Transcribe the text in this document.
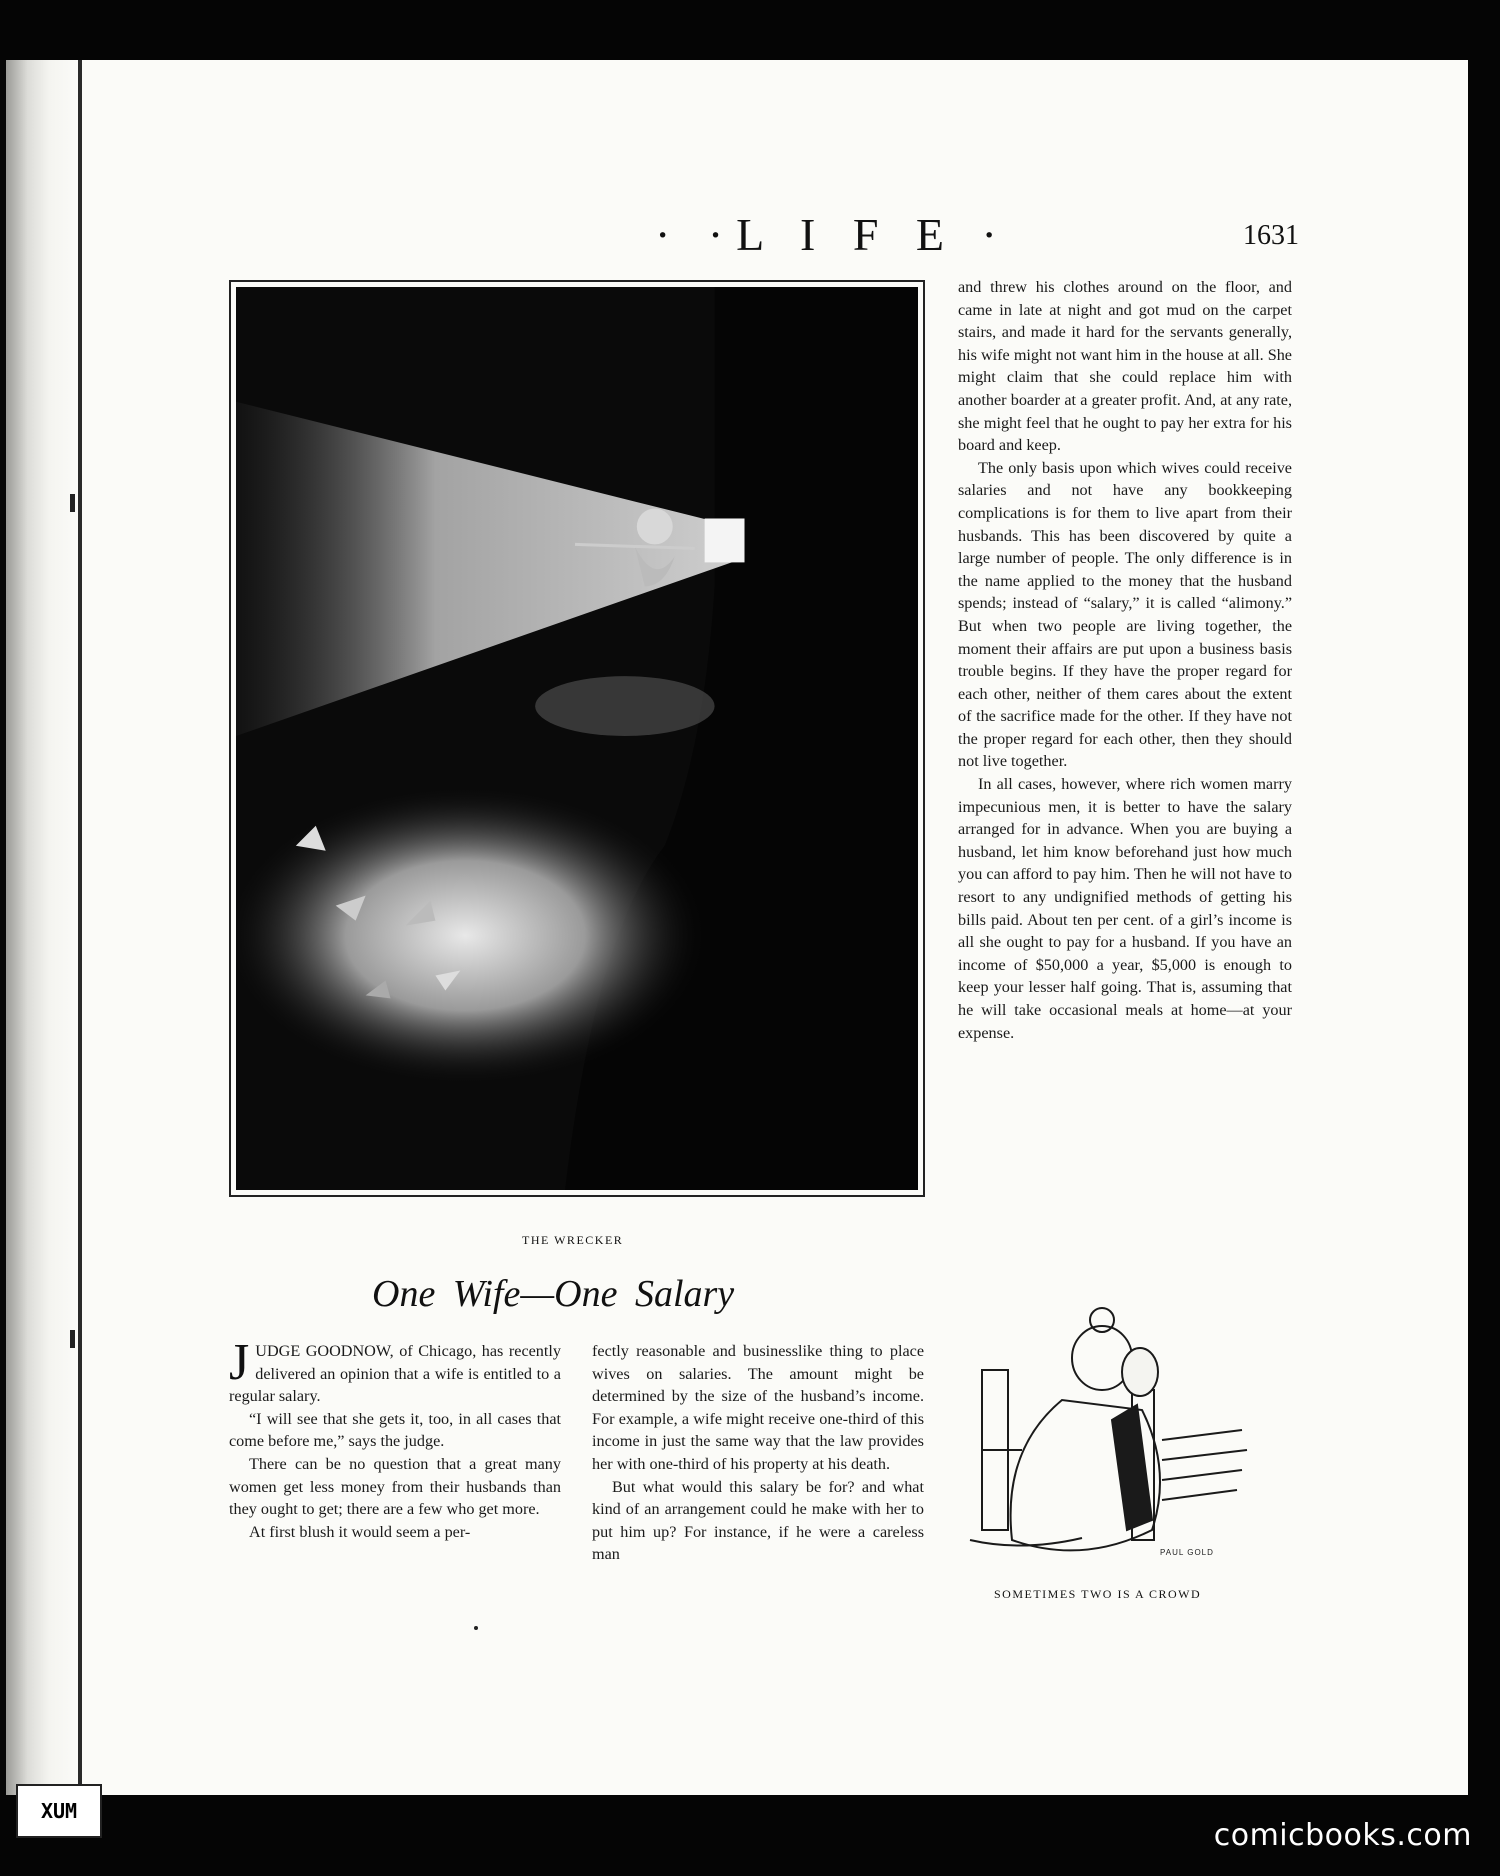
· ·L I F E ·	1631
THE WRECKER
One Wife—One Salary

JUDGE GOODNOW, of Chicago, has recently delivered an opinion that a wife is entitled to a regular salary.

“I will see that she gets it, too, in all cases that come before me,” says the judge.

There can be no question that a great many women get less money from their husbands than they ought to get; there are a few who get more.

At first blush it would seem a per-

fectly reasonable and businesslike thing to place wives on salaries. The amount might be determined by the size of the husband’s income. For example, a wife might receive one-third of this income in just the same way that the law provides her with one-third of his property at his death.

But what would this salary be for? and what kind of an arrangement could he make with her to put him up? For instance, if he were a careless man

and threw his clothes around on the floor, and came in late at night and got mud on the carpet stairs, and made it hard for the servants generally, his wife might not want him in the house at all. She might claim that she could replace him with another boarder at a greater profit. And, at any rate, she might feel that he ought to pay her extra for his board and keep.

The only basis upon which wives could receive salaries and not have any bookkeeping complications is for them to live apart from their husbands. This has been discovered by quite a large number of people. The only difference is in the name applied to the money that the husband spends; instead of “salary,” it is called “alimony.” But when two people are living together, the moment their affairs are put upon a business basis trouble begins. If they have the proper regard for each other, neither of them cares about the extent of the sacrifice made for the other. If they have not the proper regard for each other, then they should not live together.

In all cases, however, where rich women marry impecunious men, it is better to have the salary arranged for in advance. When you are buying a husband, let him know beforehand just how much you can afford to pay him. Then he will not have to resort to any undignified methods of getting his bills paid. About ten per cent. of a girl’s income is all she ought to pay for a husband. If you have an income of $50,000 a year, $5,000 is enough to keep your lesser half going. That is, assuming that he will take occasional meals at home—at your expense.

PAUL GOLD
SOMETIMES TWO IS A CROWD
XUM
comicbooks.com
